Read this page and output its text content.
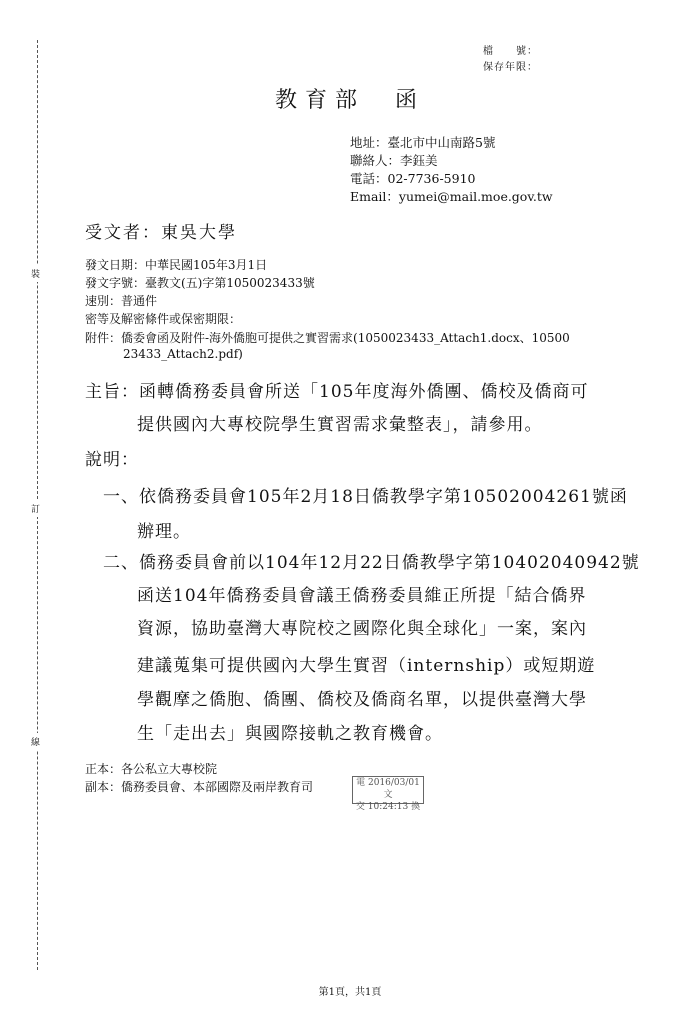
裝
訂
線
檔　　號：
保存年限：
教育部　函
地址：臺北市中山南路5號
聯絡人：李鈺美
電話：02-7736-5910
Email：yumei@mail.moe.gov.tw
受文者：東吳大學
發文日期：中華民國105年3月1日
發文字號：臺教文(五)字第1050023433號
速別：普通件
密等及解密條件或保密期限：
附件：僑委會函及附件-海外僑胞可提供之實習需求(1050023433_Attach1.docx、10500
23433_Attach2.pdf)
主旨：函轉僑務委員會所送「105年度海外僑團、僑校及僑商可
提供國內大專校院學生實習需求彙整表」，請參用。
說明：
一、依僑務委員會105年2月18日僑教學字第10502004261號函
辦理。
二、僑務委員會前以104年12月22日僑教學字第10402040942號
函送104年僑務委員會議王僑務委員維正所提「結合僑界
資源，協助臺灣大專院校之國際化與全球化」一案，案內
建議蒐集可提供國內大學生實習（internship）或短期遊
學觀摩之僑胞、僑團、僑校及僑商名單，以提供臺灣大學
生「走出去」與國際接軌之教育機會。
正本：各公私立大專校院
副本：僑務委員會、本部國際及兩岸教育司	電 2016/03/01 文
交 10:24:13 換
第1頁，共1頁
